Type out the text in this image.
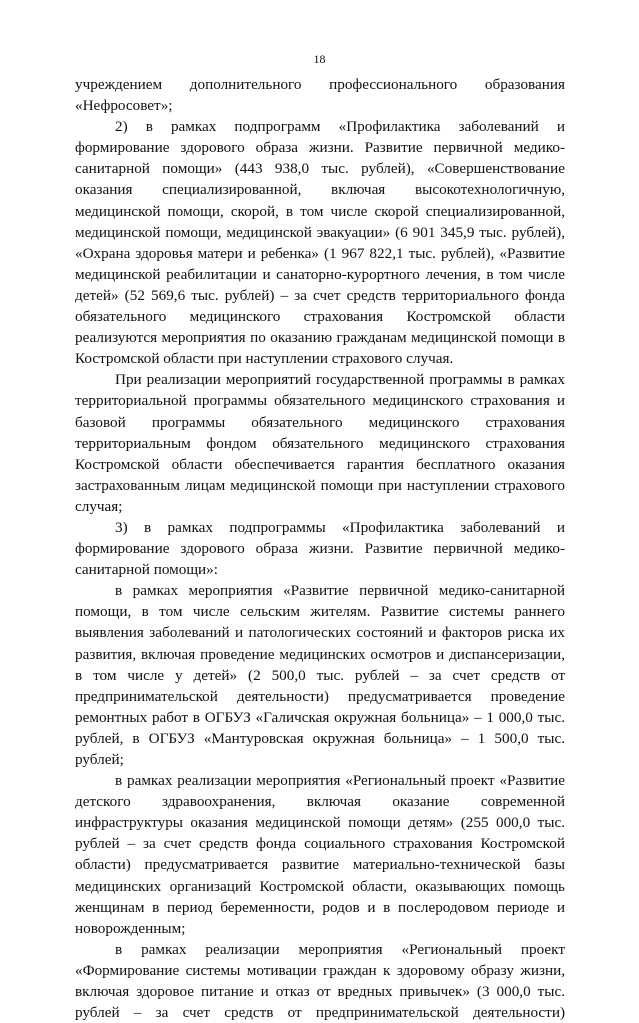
18

учреждением дополнительного профессионального образования «Нефросовет»;

2) в рамках подпрограмм «Профилактика заболеваний и формирование здорового образа жизни. Развитие первичной медико-санитарной помощи» (443 938,0 тыс. рублей), «Совершенствование оказания специализированной, включая высокотехнологичную, медицинской помощи, скорой, в том числе скорой специализированной, медицинской помощи, медицинской эвакуации» (6 901 345,9 тыс. рублей), «Охрана здоровья матери и ребенка» (1 967 822,1 тыс. рублей), «Развитие медицинской реабилитации и санаторно-курортного лечения, в том числе детей» (52 569,6 тыс. рублей) – за счет средств территориального фонда обязательного медицинского страхования Костромской области реализуются мероприятия по оказанию гражданам медицинской помощи в Костромской области при наступлении страхового случая.

При реализации мероприятий государственной программы в рамках территориальной программы обязательного медицинского страхования и базовой программы обязательного медицинского страхования территориальным фондом обязательного медицинского страхования Костромской области обеспечивается гарантия бесплатного оказания застрахованным лицам медицинской помощи при наступлении страхового случая;

3) в рамках подпрограммы «Профилактика заболеваний и формирование здорового образа жизни. Развитие первичной медико-санитарной помощи»:

в рамках мероприятия «Развитие первичной медико-санитарной помощи, в том числе сельским жителям. Развитие системы раннего выявления заболеваний и патологических состояний и факторов риска их развития, включая проведение медицинских осмотров и диспансеризации, в том числе у детей» (2 500,0 тыс. рублей – за счет средств от предпринимательской деятельности) предусматривается проведение ремонтных работ в ОГБУЗ «Галичская окружная больница» – 1 000,0 тыс. рублей, в ОГБУЗ «Мантуровская окружная больница» – 1 500,0 тыс. рублей;

в рамках реализации мероприятия «Региональный проект «Развитие детского здравоохранения, включая оказание современной инфраструктуры оказания медицинской помощи детям» (255 000,0 тыс. рублей – за счет средств фонда социального страхования Костромской области) предусматривается развитие материально-технической базы медицинских организаций Костромской области, оказывающих помощь женщинам в период беременности, родов и в послеродовом периоде и новорожденным;

в рамках реализации мероприятия «Региональный проект «Формирование системы мотивации граждан к здоровому образу жизни, включая здоровое питание и отказ от вредных привычек» (3 000,0 тыс. рублей – за счет средств от предпринимательской деятельности)
